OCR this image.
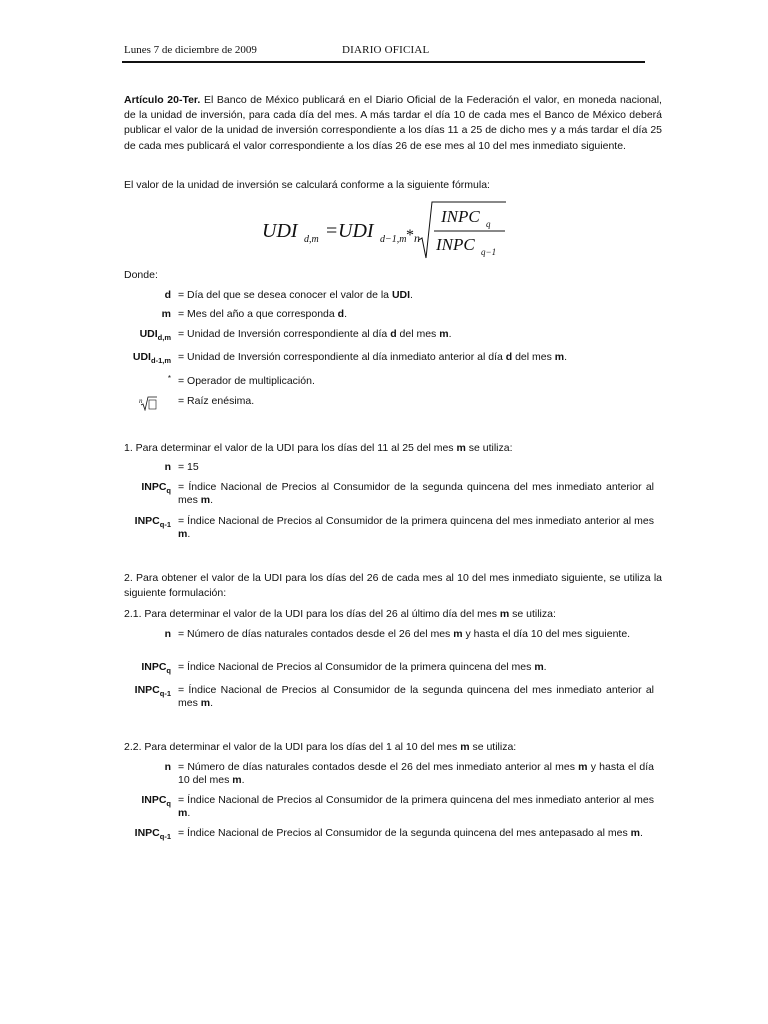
Lunes 7 de diciembre de 2009	DIARIO OFICIAL
Artículo 20-Ter. El Banco de México publicará en el Diario Oficial de la Federación el valor, en moneda nacional, de la unidad de inversión, para cada día del mes. A más tardar el día 10 de cada mes el Banco de México deberá publicar el valor de la unidad de inversión correspondiente a los días 11 a 25 de dicho mes y a más tardar el día 25 de cada mes publicará el valor correspondiente a los días 26 de ese mes al 10 del mes inmediato siguiente.
El valor de la unidad de inversión se calculará conforme a la siguiente fórmula:
UDI d,m = UDI d−1,m * n
INPC q
INPC q−1
Donde:
d = Día del que se desea conocer el valor de la UDI.
m = Mes del año a que corresponda d.
$UDI_{d,m}$ = Unidad de Inversión correspondiente al día d del mes m.
$UDI_{d-1,m}$ = Unidad de Inversión correspondiente al día inmediato anterior al día d del mes m.
* = Operador de multiplicación.
n	= Raíz enésima.
1. Para determinar el valor de la UDI para los días del 11 al 25 del mes m se utiliza:
n = 15
$INPC_q$ = Índice Nacional de Precios al Consumidor de la segunda quincena del mes inmediato anterior al mes m.
$INPC_{q-1}$ = Índice Nacional de Precios al Consumidor de la primera quincena del mes inmediato anterior al mes m.
2. Para obtener el valor de la UDI para los días del 26 de cada mes al 10 del mes inmediato siguiente, se utiliza la siguiente formulación:
2.1. Para determinar el valor de la UDI para los días del 26 al último día del mes m se utiliza:
n = Número de días naturales contados desde el 26 del mes m y hasta el día 10 del mes siguiente.
$INPC_q$ = Índice Nacional de Precios al Consumidor de la primera quincena del mes m.
$INPC_{q-1}$ = Índice Nacional de Precios al Consumidor de la segunda quincena del mes inmediato anterior al mes m.
2.2. Para determinar el valor de la UDI para los días del 1 al 10 del mes m se utiliza:
n = Número de días naturales contados desde el 26 del mes inmediato anterior al mes m y hasta el día 10 del mes m.
$INPC_q$ = Índice Nacional de Precios al Consumidor de la primera quincena del mes inmediato anterior al mes m.
$INPC_{q-1}$ = Índice Nacional de Precios al Consumidor de la segunda quincena del mes antepasado al mes m.
